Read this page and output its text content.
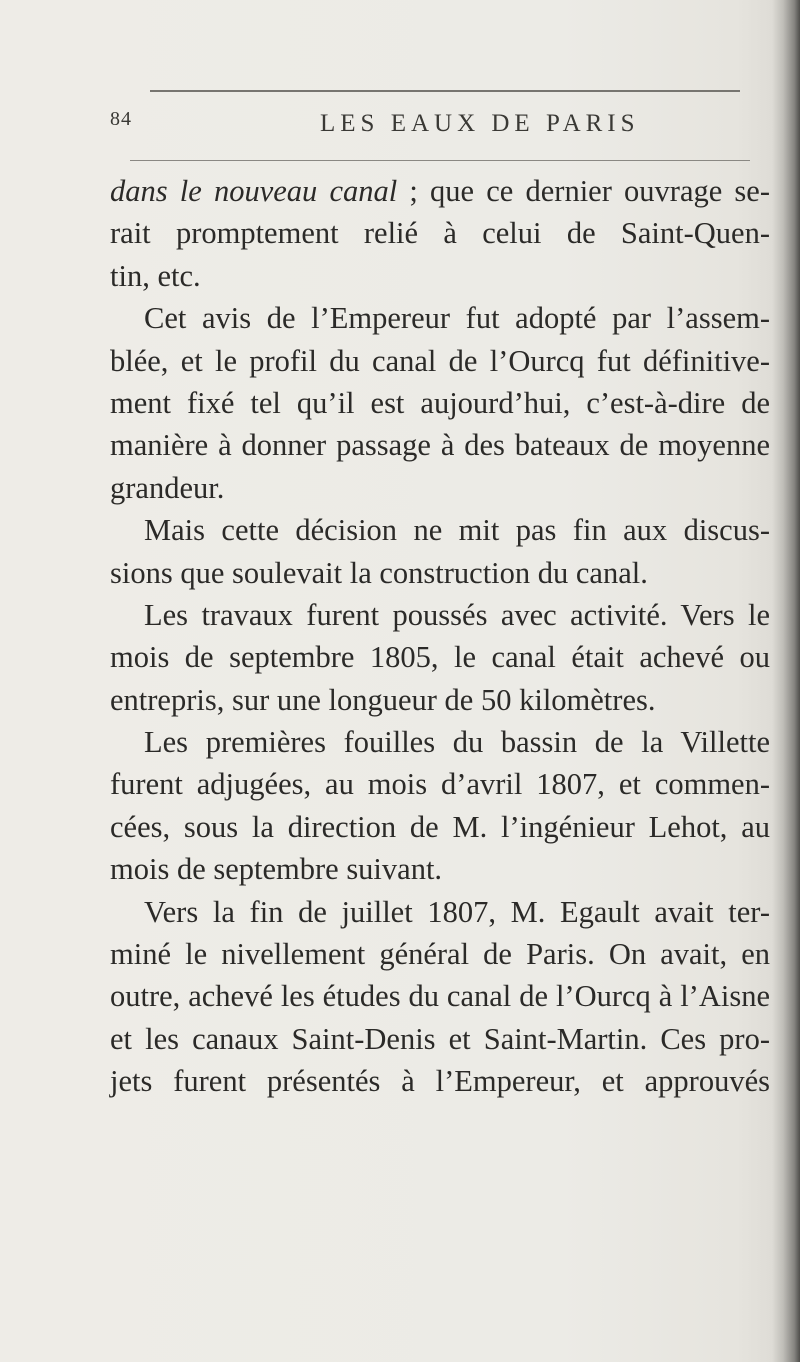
84	LES EAUX DE PARIS
dans le nouveau canal ; que ce dernier ouvrage se-
rait promptement relié à celui de Saint-Quen-
tin, etc.
Cet avis de l’Empereur fut adopté par l’assem-
blée, et le profil du canal de l’Ourcq fut définitive-
ment fixé tel qu’il est aujourd’hui, c’est-à-dire de
manière à donner passage à des bateaux de moyenne
grandeur.
Mais cette décision ne mit pas fin aux discus-
sions que soulevait la construction du canal.
Les travaux furent poussés avec activité. Vers le
mois de septembre 1805, le canal était achevé ou
entrepris, sur une longueur de 50 kilomètres.
Les premières fouilles du bassin de la Villette
furent adjugées, au mois d’avril 1807, et commen-
cées, sous la direction de M. l’ingénieur Lehot, au
mois de septembre suivant.
Vers la fin de juillet 1807, M. Egault avait ter-
miné le nivellement général de Paris. On avait, en
outre, achevé les études du canal de l’Ourcq à l’Aisne
et les canaux Saint-Denis et Saint-Martin. Ces pro-
jets furent présentés à l’Empereur, et approuvés
